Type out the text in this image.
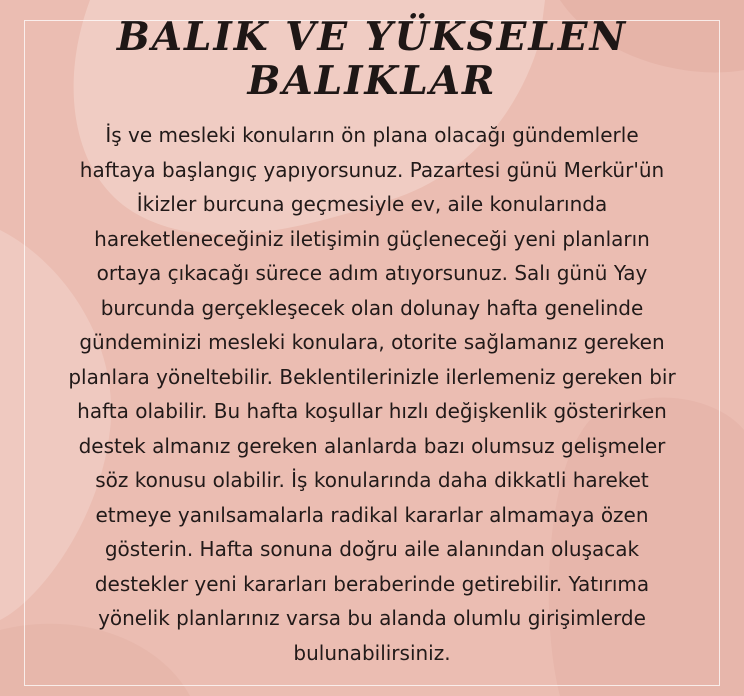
BALIK VE YÜKSELEN
BALIKLAR
İş ve mesleki konuların ön plana olacağı gündemlerle
haftaya başlangıç yapıyorsunuz. Pazartesi günü Merkür'ün
İkizler burcuna geçmesiyle ev, aile konularında
hareketleneceğiniz iletişimin güçleneceği yeni planların
ortaya çıkacağı sürece adım atıyorsunuz. Salı günü Yay
burcunda gerçekleşecek olan dolunay hafta genelinde
gündeminizi mesleki konulara, otorite sağlamanız gereken
planlara yöneltebilir. Beklentilerinizle ilerlemeniz gereken bir
hafta olabilir. Bu hafta koşullar hızlı değişkenlik gösterirken
destek almanız gereken alanlarda bazı olumsuz gelişmeler
söz konusu olabilir. İş konularında daha dikkatli hareket
etmeye yanılsamalarla radikal kararlar almamaya özen
gösterin. Hafta sonuna doğru aile alanından oluşacak
destekler yeni kararları beraberinde getirebilir. Yatırıma
yönelik planlarınız varsa bu alanda olumlu girişimlerde
bulunabilirsiniz.
